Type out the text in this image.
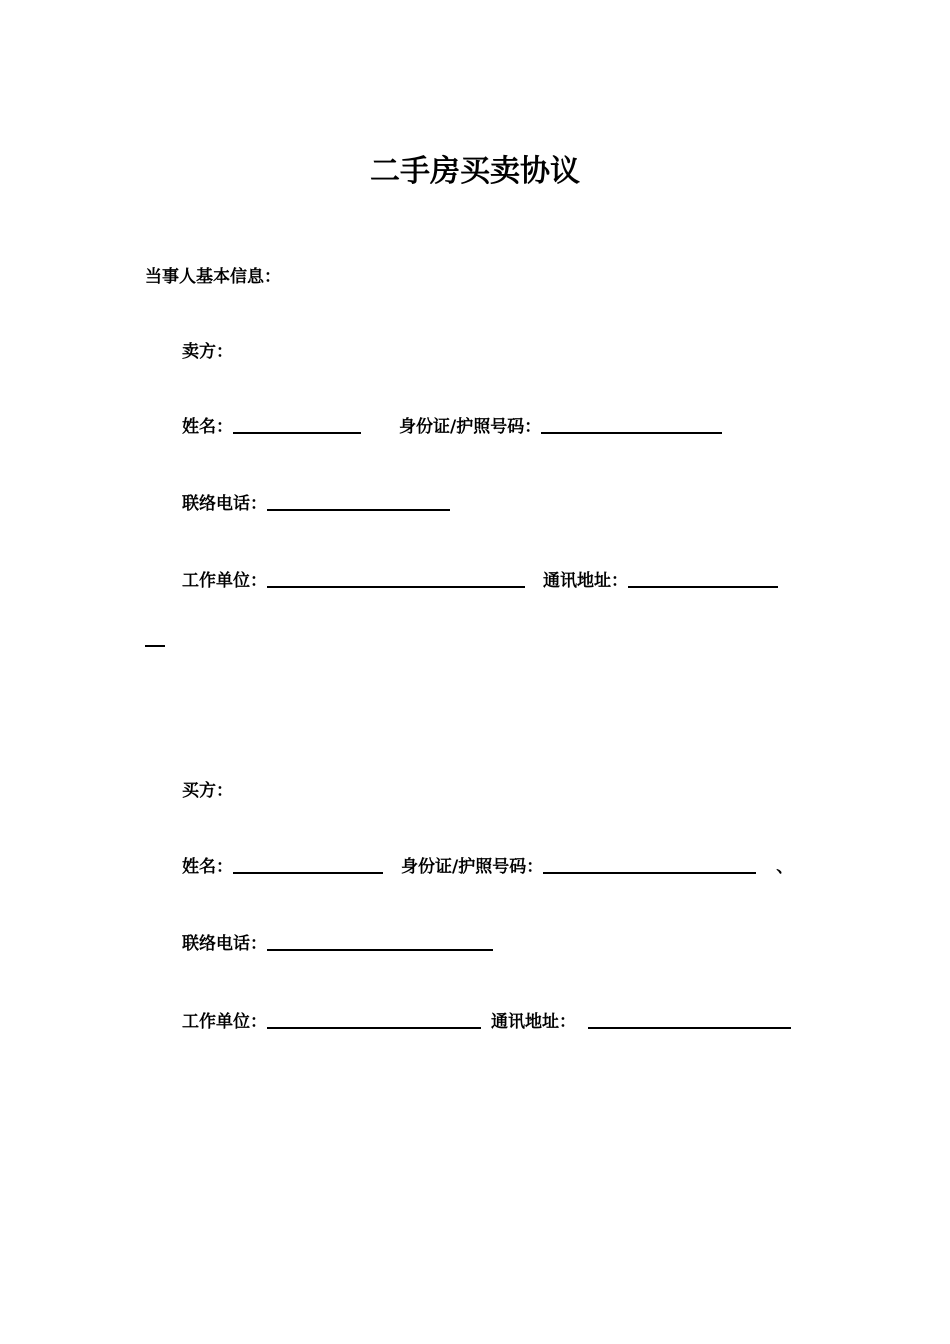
二手房买卖协议
当事人基本信息：
卖方：
姓名：	身份证/护照号码：
联络电话：
工作单位：	通讯地址：
买方：
姓名：	身份证/护照号码：	、
联络电话：
工作单位：	通讯地址：
